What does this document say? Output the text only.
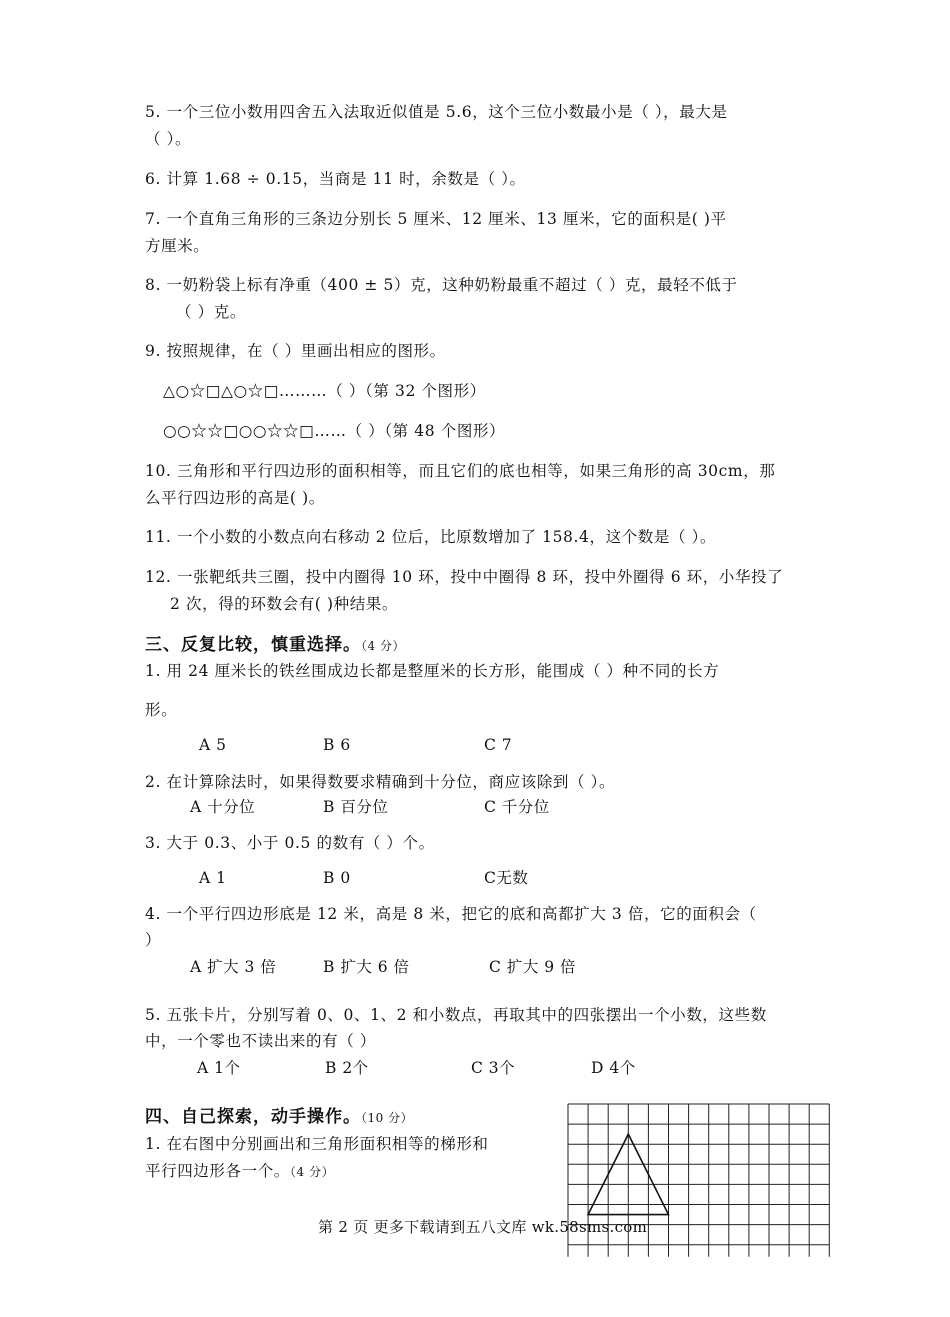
5. 一个三位小数用四舍五入法取近似值是 5.6，这个三位小数最小是（ ），最大是
（ ）。
6. 计算 1.68 ÷ 0.15，当商是 11 时，余数是（ ）。
7. 一个直角三角形的三条边分别长 5 厘米、12 厘米、13 厘米，它的面积是( )平
方厘米。
8. 一奶粉袋上标有净重（400 ± 5）克，这种奶粉最重不超过（ ）克，最轻不低于
（ ）克。
9. 按照规律，在（ ）里画出相应的图形。
△○☆□△○☆□………（ ）（第 32 个图形）
○○☆☆□○○☆☆□……（ ）（第 48 个图形）
10. 三角形和平行四边形的面积相等，而且它们的底也相等，如果三角形的高 30cm，那
么平行四边形的高是( )。
11. 一个小数的小数点向右移动 2 位后，比原数增加了 158.4，这个数是（ ）。
12. 一张靶纸共三圈，投中内圈得 10 环，投中中圈得 8 环，投中外圈得 6 环，小华投了
2 次，得的环数会有( )种结果。
三、反复比较，慎重选择。（4 分）
1. 用 24 厘米长的铁丝围成边长都是整厘米的长方形，能围成（ ）种不同的长方
形。
A 5	B 6	C 7
2. 在计算除法时，如果得数要求精确到十分位，商应该除到（ ）。
A 十分位	B 百分位	C 千分位
3. 大于 0.3、小于 0.5 的数有（ ）个。
A 1	B 0	C无数
4. 一个平行四边形底是 12 米，高是 8 米，把它的底和高都扩大 3 倍，它的面积会（
）
A 扩大 3 倍	B 扩大 6 倍	C 扩大 9 倍
5. 五张卡片，分别写着 0、0、1、2 和小数点，再取其中的四张摆出一个小数，这些数
中，一个零也不读出来的有（ ）
A 1个	B 2个	C 3个	D 4个
四、自己探索，动手操作。（10 分）
1. 在右图中分别画出和三角形面积相等的梯形和
平行四边形各一个。（4 分）
第 2 页 更多下载请到五八文库 wk.58sms.com
